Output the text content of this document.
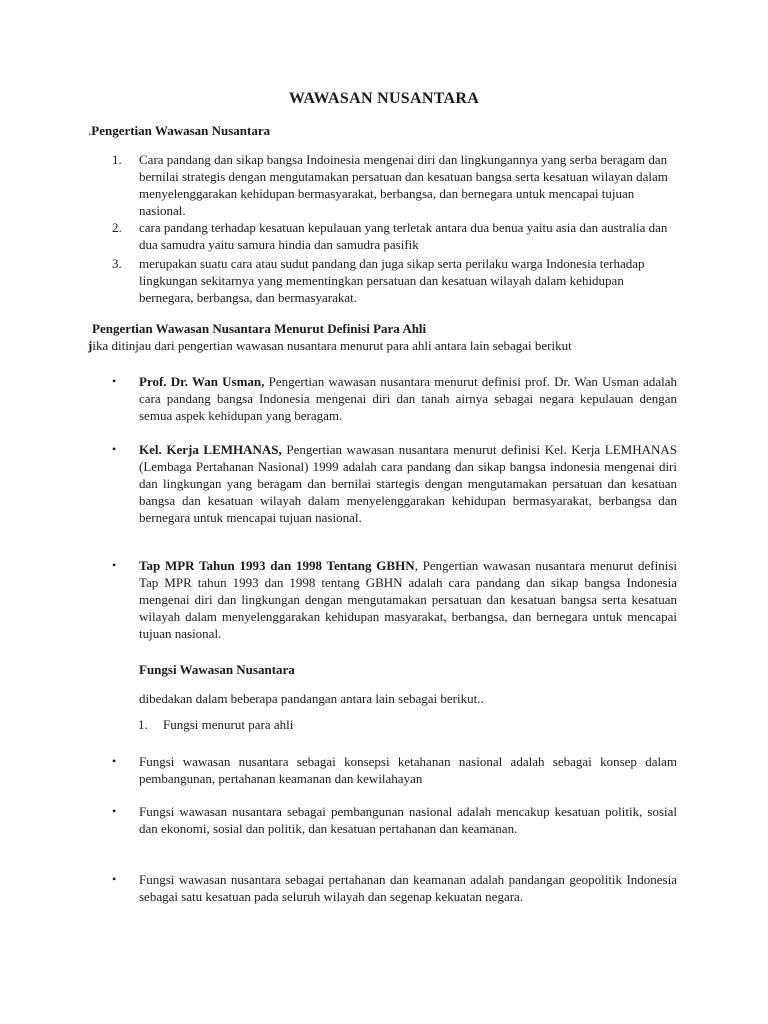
WAWASAN NUSANTARA
.Pengertian Wawasan Nusantara
1.	Cara pandang dan sikap bangsa Indoinesia mengenai diri dan lingkungannya yang serba beragam dan bernilai strategis dengan mengutamakan persatuan dan kesatuan bangsa serta kesatuan wilayan dalam menyelenggarakan kehidupan bermasyarakat, berbangsa, dan bernegara untuk mencapai tujuan nasional.
2.	cara pandang terhadap kesatuan kepulauan yang terletak antara dua benua yaitu asia dan australia dan dua samudra yaitu samura hindia dan samudra pasifik
3.	merupakan suatu cara atau sudut pandang dan juga sikap serta perilaku warga Indonesia terhadap lingkungan sekitarnya yang mementingkan persatuan dan kesatuan wilayah dalam kehidupan bernegara, berbangsa, dan bermasyarakat.
Pengertian Wawasan Nusantara Menurut Definisi Para Ahli
jika ditinjau dari pengertian wawasan nusantara menurut para ahli antara lain sebagai berikut
•	Prof. Dr. Wan Usman, Pengertian wawasan nusantara menurut definisi prof. Dr. Wan Usman adalah cara pandang bangsa Indonesia mengenai diri dan tanah airnya sebagai negara kepulauan dengan semua aspek kehidupan yang beragam.
•	Kel. Kerja LEMHANAS, Pengertian wawasan nusantara menurut definisi Kel. Kerja LEMHANAS (Lembaga Pertahanan Nasional) 1999 adalah cara pandang dan sikap bangsa indonesia mengenai diri dan lingkungan yang beragam dan bernilai startegis dengan mengutamakan persatuan dan kesatuan bangsa dan kesatuan wilayah dalam menyelenggarakan kehidupan bermasyarakat, berbangsa dan bernegara untuk mencapai tujuan nasional.
•	Tap MPR Tahun 1993 dan 1998 Tentang GBHN, Pengertian wawasan nusantara menurut definisi Tap MPR tahun 1993 dan 1998 tentang GBHN adalah cara pandang dan sikap bangsa Indonesia mengenai diri dan lingkungan dengan mengutamakan persatuan dan kesatuan bangsa serta kesatuan wilayah dalam menyelenggarakan kehidupan masyarakat, berbangsa, dan bernegara untuk mencapai tujuan nasional.
Fungsi Wawasan Nusantara
dibedakan dalam beberapa pandangan antara lain sebagai berikut..
1.	Fungsi menurut para ahli
•	Fungsi wawasan nusantara sebagai konsepsi ketahanan nasional adalah sebagai konsep dalam pembangunan, pertahanan keamanan dan kewilahayan
•	Fungsi wawasan nusantara sebagai pembangunan nasional adalah mencakup kesatuan politik, sosial dan ekonomi, sosial dan politik, dan kesatuan pertahanan dan keamanan.
•	Fungsi wawasan nusantara sebagai pertahanan dan keamanan adalah pandangan geopolitik Indonesia sebagai satu kesatuan pada seluruh wilayah dan segenap kekuatan negara.
